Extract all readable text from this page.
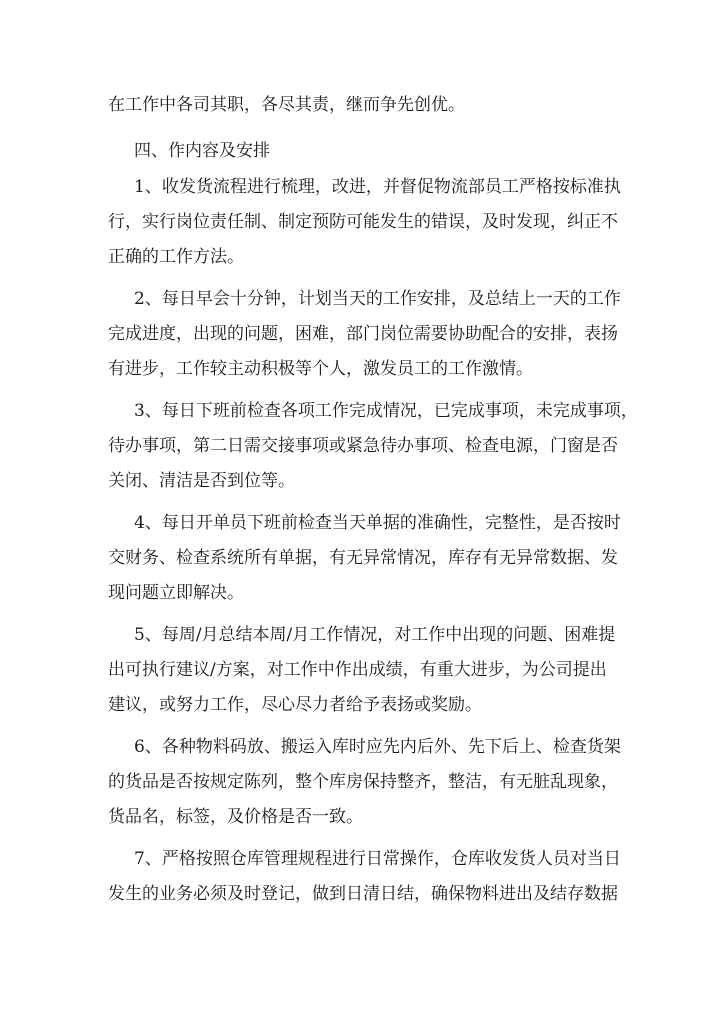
在工作中各司其职，各尽其责，继而争先创优。
四、作内容及安排
1、收发货流程进行梳理，改进，并督促物流部员工严格按标准执
行，实行岗位责任制、制定预防可能发生的错误，及时发现，纠正不
正确的工作方法。
2、每日早会十分钟，计划当天的工作安排，及总结上一天的工作
完成进度，出现的问题，困难，部门岗位需要协助配合的安排，表扬
有进步，工作较主动积极等个人，激发员工的工作激情。
3、每日下班前检查各项工作完成情况，已完成事项，未完成事项，
待办事项，第二日需交接事项或紧急待办事项、检查电源，门窗是否
关闭、清洁是否到位等。
4、每日开单员下班前检查当天单据的准确性，完整性，是否按时
交财务、检查系统所有单据，有无异常情况，库存有无异常数据、发
现问题立即解决。
5、每周/月总结本周/月工作情况，对工作中出现的问题、困难提
出可执行建议/方案，对工作中作出成绩，有重大进步，为公司提出
建议，或努力工作，尽心尽力者给予表扬或奖励。
6、各种物料码放、搬运入库时应先内后外、先下后上、检查货架
的货品是否按规定陈列，整个库房保持整齐，整洁，有无脏乱现象，
货品名，标签，及价格是否一致。
7、严格按照仓库管理规程进行日常操作，仓库收发货人员对当日
发生的业务必须及时登记，做到日清日结，确保物料进出及结存数据
